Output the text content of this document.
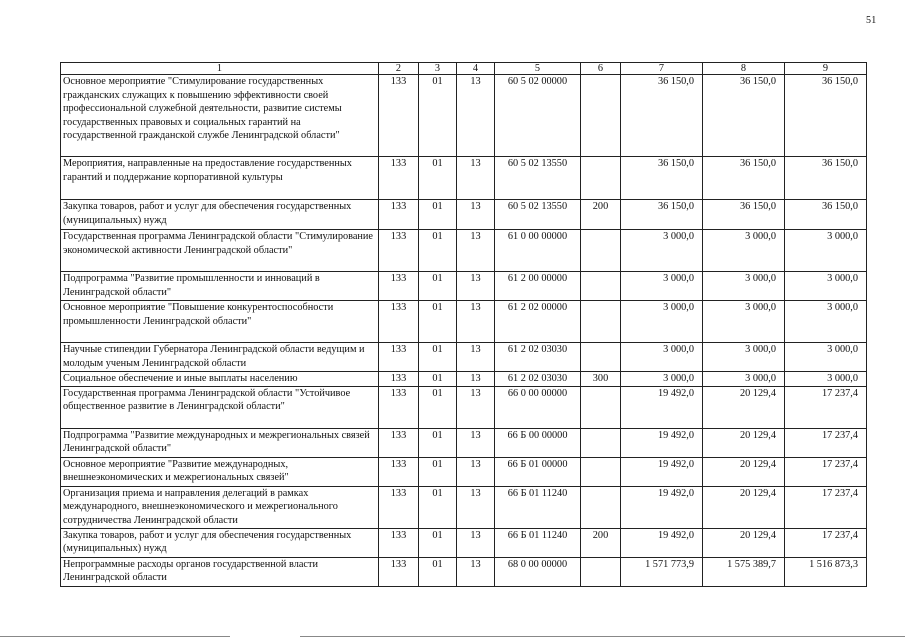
51
1	2	3	4	5	6	7	8	9
Основное мероприятие "Стимулирование государственных гражданских служащих к повышению эффективности своей профессиональной служебной деятельности, развитие системы государственных правовых и социальных гарантий на государственной гражданской службе Ленинградской области"	133	01	13	60 5 02 00000		36 150,0	36 150,0	36 150,0
Мероприятия, направленные на предоставление государственных гарантий и поддержание корпоративной культуры	133	01	13	60 5 02 13550		36 150,0	36 150,0	36 150,0
Закупка товаров, работ и услуг для обеспечения государственных (муниципальных) нужд	133	01	13	60 5 02 13550	200	36 150,0	36 150,0	36 150,0
Государственная программа Ленинградской области "Стимулирование экономической активности Ленинградской области"	133	01	13	61 0 00 00000		3 000,0	3 000,0	3 000,0
Подпрограмма "Развитие промышленности и инноваций в Ленинградской области"	133	01	13	61 2 00 00000		3 000,0	3 000,0	3 000,0
Основное мероприятие "Повышение конкурентоспособности промышленности Ленинградской области"	133	01	13	61 2 02 00000		3 000,0	3 000,0	3 000,0
Научные стипендии Губернатора Ленинградской области ведущим и молодым ученым Ленинградской области	133	01	13	61 2 02 03030		3 000,0	3 000,0	3 000,0
Социальное обеспечение и иные выплаты населению	133	01	13	61 2 02 03030	300	3 000,0	3 000,0	3 000,0
Государственная программа Ленинградской области "Устойчивое общественное развитие в Ленинградской области"	133	01	13	66 0 00 00000		19 492,0	20 129,4	17 237,4
Подпрограмма "Развитие международных и межрегиональных связей Ленинградской области"	133	01	13	66 Б 00 00000		19 492,0	20 129,4	17 237,4
Основное мероприятие "Развитие международных, внешнеэкономических и межрегиональных связей"	133	01	13	66 Б 01 00000		19 492,0	20 129,4	17 237,4
Организация приема и направления делегаций в рамках международного, внешнеэкономического и межрегионального сотрудничества Ленинградской области	133	01	13	66 Б 01 11240		19 492,0	20 129,4	17 237,4
Закупка товаров, работ и услуг для обеспечения государственных (муниципальных) нужд	133	01	13	66 Б 01 11240	200	19 492,0	20 129,4	17 237,4
Непрограммные расходы органов государственной власти Ленинградской области	133	01	13	68 0 00 00000		1 571 773,9	1 575 389,7	1 516 873,3
